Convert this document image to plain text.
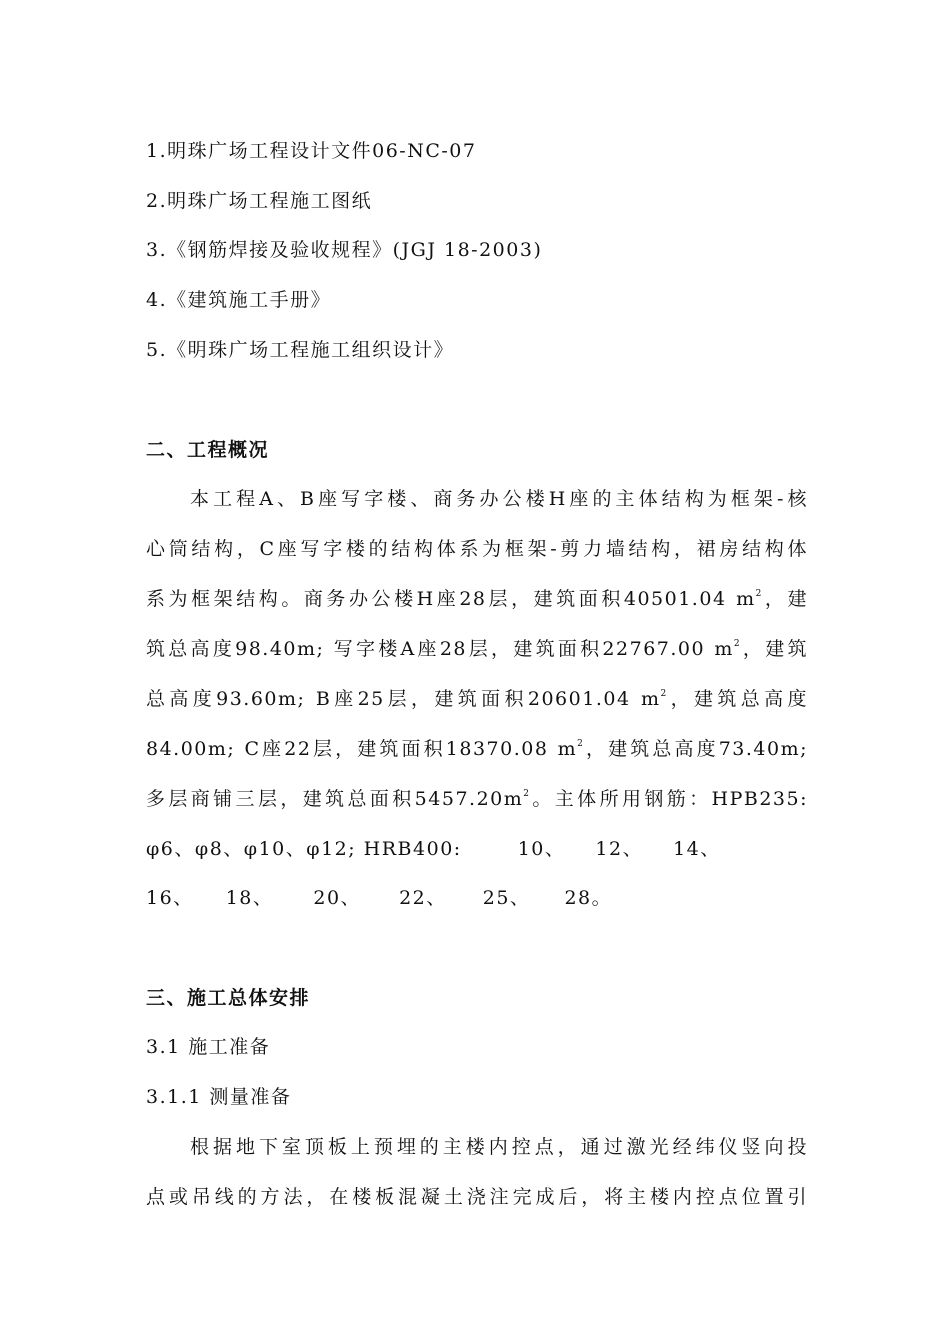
1.明珠广场工程设计文件06-NC-07
2.明珠广场工程施工图纸
3.《钢筋焊接及验收规程》(JGJ 18-2003)
4.《建筑施工手册》
5.《明珠广场工程施工组织设计》
二、工程概况
本工程A、B座写字楼、商务办公楼H座的主体结构为框架-核
心筒结构，C座写字楼的结构体系为框架-剪力墙结构，裙房结构体
系为框架结构。商务办公楼H座28层，建筑面积40501.04 $m^2$，建
筑总高度98.40m; 写字楼A座28层，建筑面积22767.00 $m^2$，建筑
总高度93.60m; B座25层，建筑面积20601.04 $m^2$，建筑总高度
84.00m; C座22层，建筑面积18370.08 $m^2$，建筑总高度73.40m;
多层商铺三层，建筑总面积$5457.20m^2$。主体所用钢筋：HPB235:
φ6、φ8、φ10、φ12; HRB400:	10、 12、 14、
16、 18、 20、 22、 25、 28。
三、施工总体安排
3.1 施工准备
3.1.1 测量准备
根据地下室顶板上预埋的主楼内控点，通过激光经纬仪竖向投
点或吊线的方法，在楼板混凝土浇注完成后，将主楼内控点位置引
